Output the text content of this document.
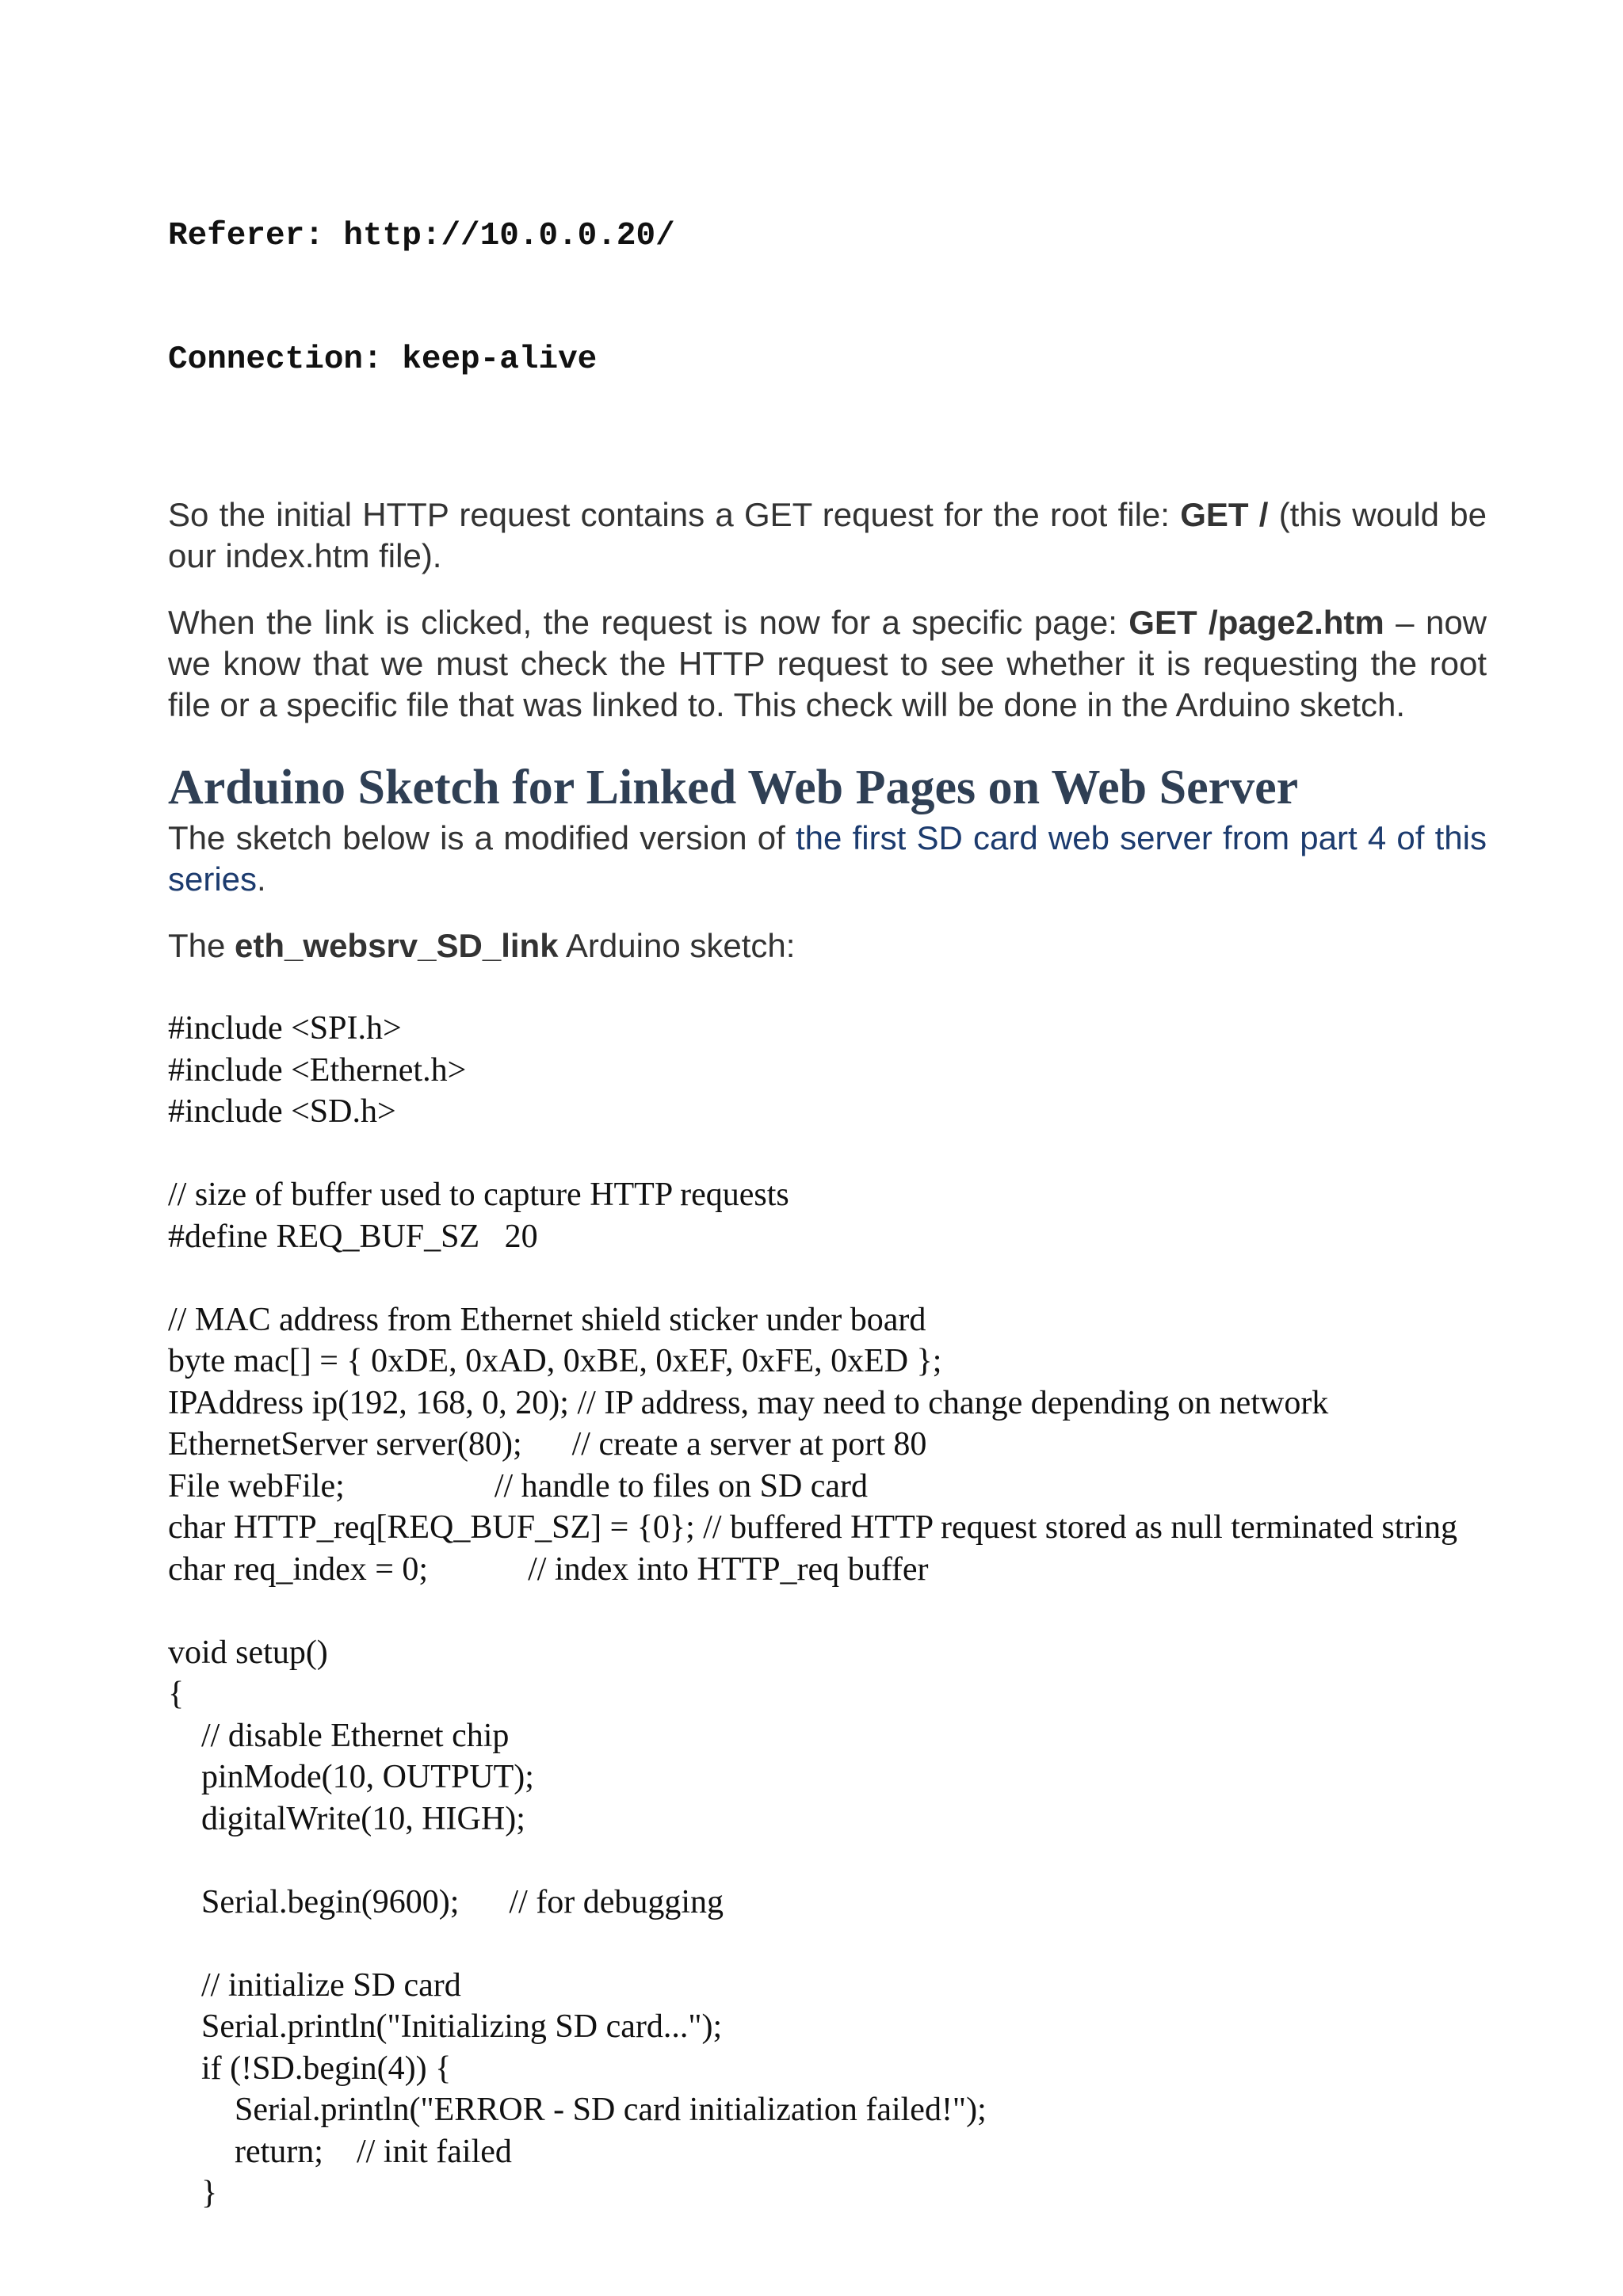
Referer: http://10.0.0.20/

Connection: keep-alive

So the initial HTTP request contains a GET request for the root file: GET / (this would be our index.htm file).

When the link is clicked, the request is now for a specific page: GET /page2.htm – now we know that we must check the HTTP request to see whether it is requesting the root file or a specific file that was linked to. This check will be done in the Arduino sketch.

Arduino Sketch for Linked Web Pages on Web Server

The sketch below is a modified version of the first SD card web server from part 4 of this series.

The eth_websrv_SD_link Arduino sketch:

#include <SPI.h>
#include <Ethernet.h>
#include <SD.h>
// size of buffer used to capture HTTP requests
#define REQ_BUF_SZ   20
// MAC address from Ethernet shield sticker under board
byte mac[] = { 0xDE, 0xAD, 0xBE, 0xEF, 0xFE, 0xED };
IPAddress ip(192, 168, 0, 20); // IP address, may need to change depending on network
EthernetServer server(80);      // create a server at port 80
File webFile;                  // handle to files on SD card
char HTTP_req[REQ_BUF_SZ] = {0}; // buffered HTTP request stored as null terminated string
char req_index = 0;            // index into HTTP_req buffer
void setup()
{
// disable Ethernet chip
pinMode(10, OUTPUT);
digitalWrite(10, HIGH);
Serial.begin(9600);      // for debugging
// initialize SD card
Serial.println("Initializing SD card...");
if (!SD.begin(4)) {
Serial.println("ERROR - SD card initialization failed!");
return;    // init failed
}
